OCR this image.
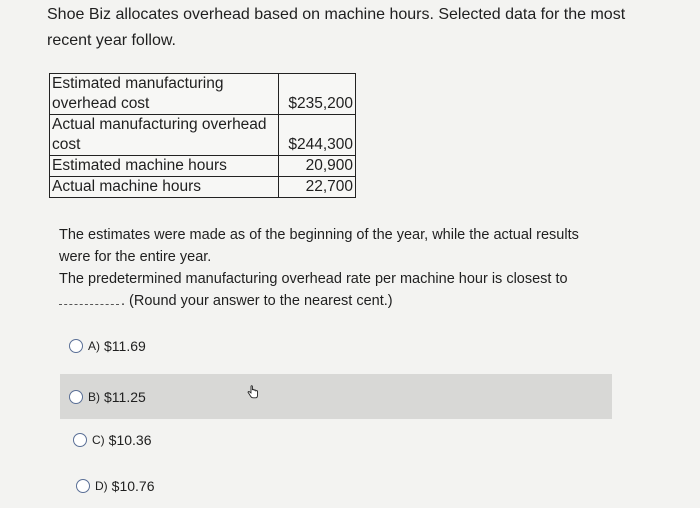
Shoe Biz allocates overhead based on machine hours. Selected data for the most
recent year follow.
Estimated manufacturing
overhead cost	$235,200

Actual manufacturing overhead
cost	$244,300
Estimated machine hours	20,900
Actual machine hours	22,700

The estimates were made as of the beginning of the year, while the actual results

were for the entire year.

The predetermined manufacturing overhead rate per machine hour is closest to

. (Round your answer to the nearest cent.)

A) $11.69
B) $11.25
C) $10.36
D) $10.76
